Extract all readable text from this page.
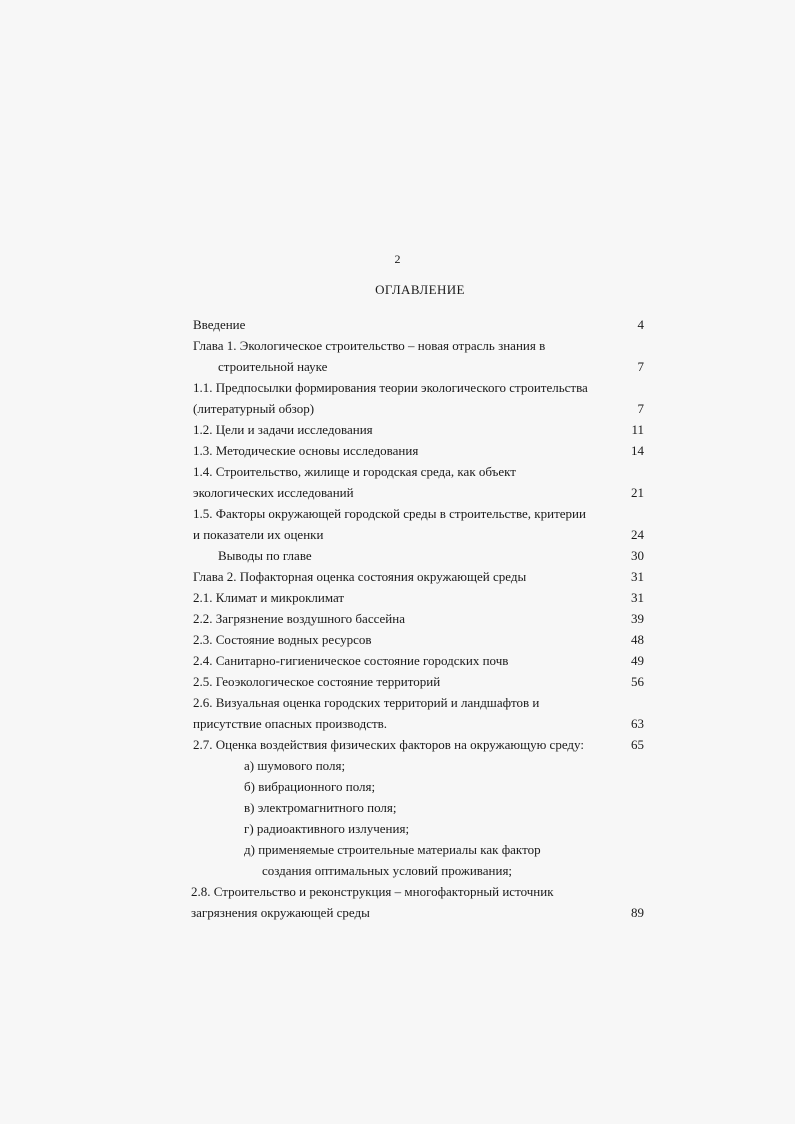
2
ОГЛАВЛЕНИЕ
Введение	4
Глава 1. Экологическое строительство – новая отрасль знания в
строительной науке	7
1.1. Предпосылки формирования теории экологического строительства
(литературный обзор)	7
1.2. Цели и задачи исследования	11
1.3. Методические основы исследования	14
1.4. Строительство, жилище и городская среда, как объект
экологических исследований	21
1.5. Факторы окружающей городской среды в строительстве, критерии
и показатели их оценки	24
Выводы по главе	30
Глава 2. Пофакторная оценка состояния окружающей среды	31
2.1. Климат и микроклимат	31
2.2. Загрязнение воздушного бассейна	39
2.3. Состояние водных ресурсов	48
2.4. Санитарно-гигиеническое состояние городских почв	49
2.5. Геоэкологическое состояние территорий	56
2.6. Визуальная оценка городских территорий и ландшафтов и
присутствие опасных производств.	63
2.7. Оценка воздействия физических факторов на окружающую среду:	65
а) шумового поля;
б) вибрационного поля;
в) электромагнитного поля;
г) радиоактивного излучения;
д) применяемые строительные материалы как фактор
создания оптимальных условий проживания;
2.8. Строительство и реконструкция – многофакторный источник
загрязнения окружающей среды	89
